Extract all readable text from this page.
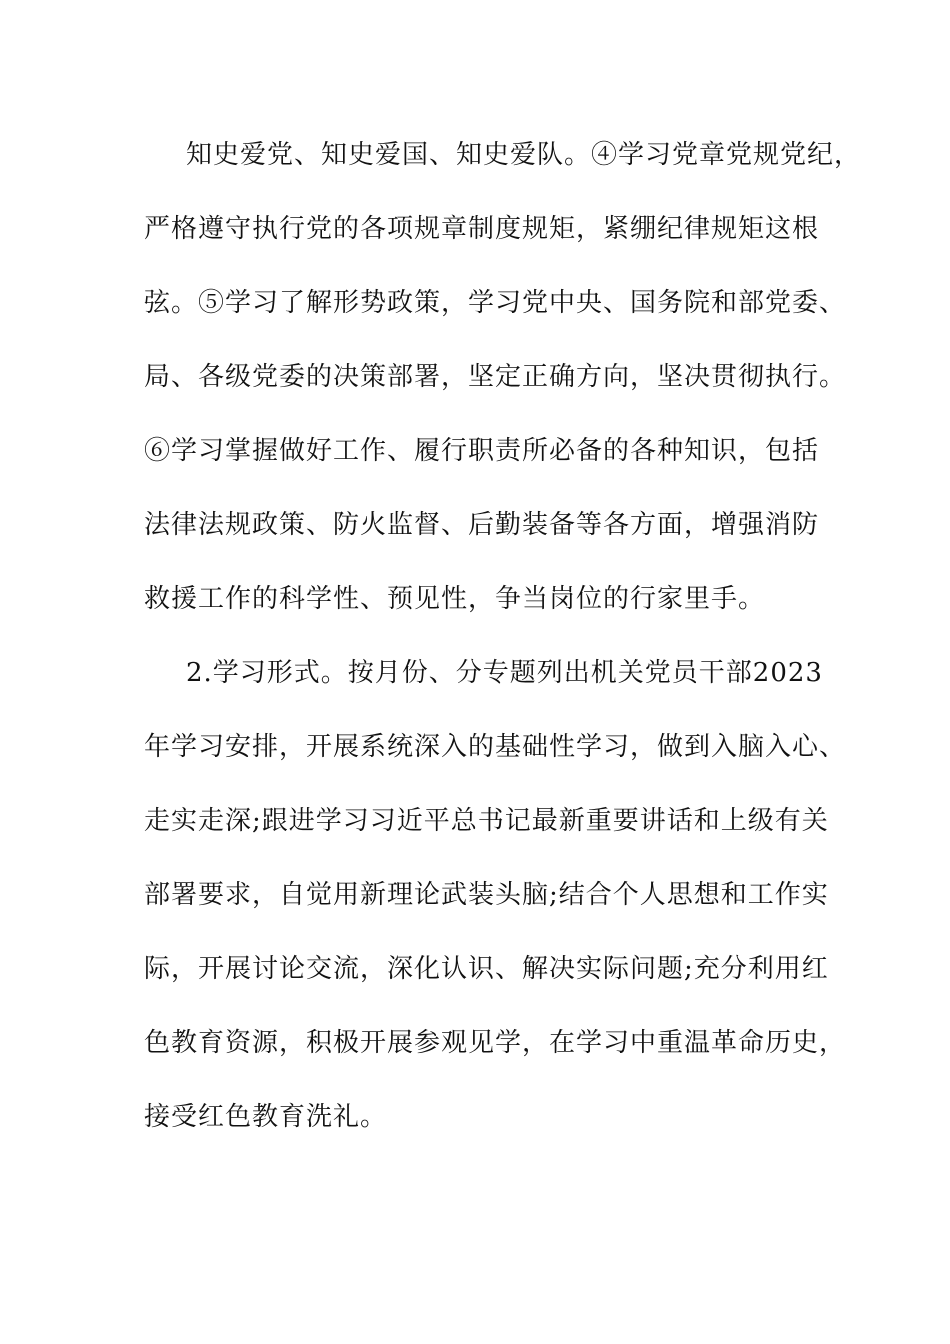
知史爱党、知史爱国、知史爱队。④学习党章党规党纪，
严格遵守执行党的各项规章制度规矩，紧绷纪律规矩这根
弦。⑤学习了解形势政策，学习党中央、国务院和部党委、
局、各级党委的决策部署，坚定正确方向，坚决贯彻执行。
⑥学习掌握做好工作、履行职责所必备的各种知识，包括
法律法规政策、防火监督、后勤装备等各方面，增强消防
救援工作的科学性、预见性，争当岗位的行家里手。
2.学习形式。按月份、分专题列出机关党员干部2023
年学习安排，开展系统深入的基础性学习，做到入脑入心、
走实走深;跟进学习习近平总书记最新重要讲话和上级有关
部署要求，自觉用新理论武装头脑;结合个人思想和工作实
际，开展讨论交流，深化认识、解决实际问题;充分利用红
色教育资源，积极开展参观见学，在学习中重温革命历史，
接受红色教育洗礼。
